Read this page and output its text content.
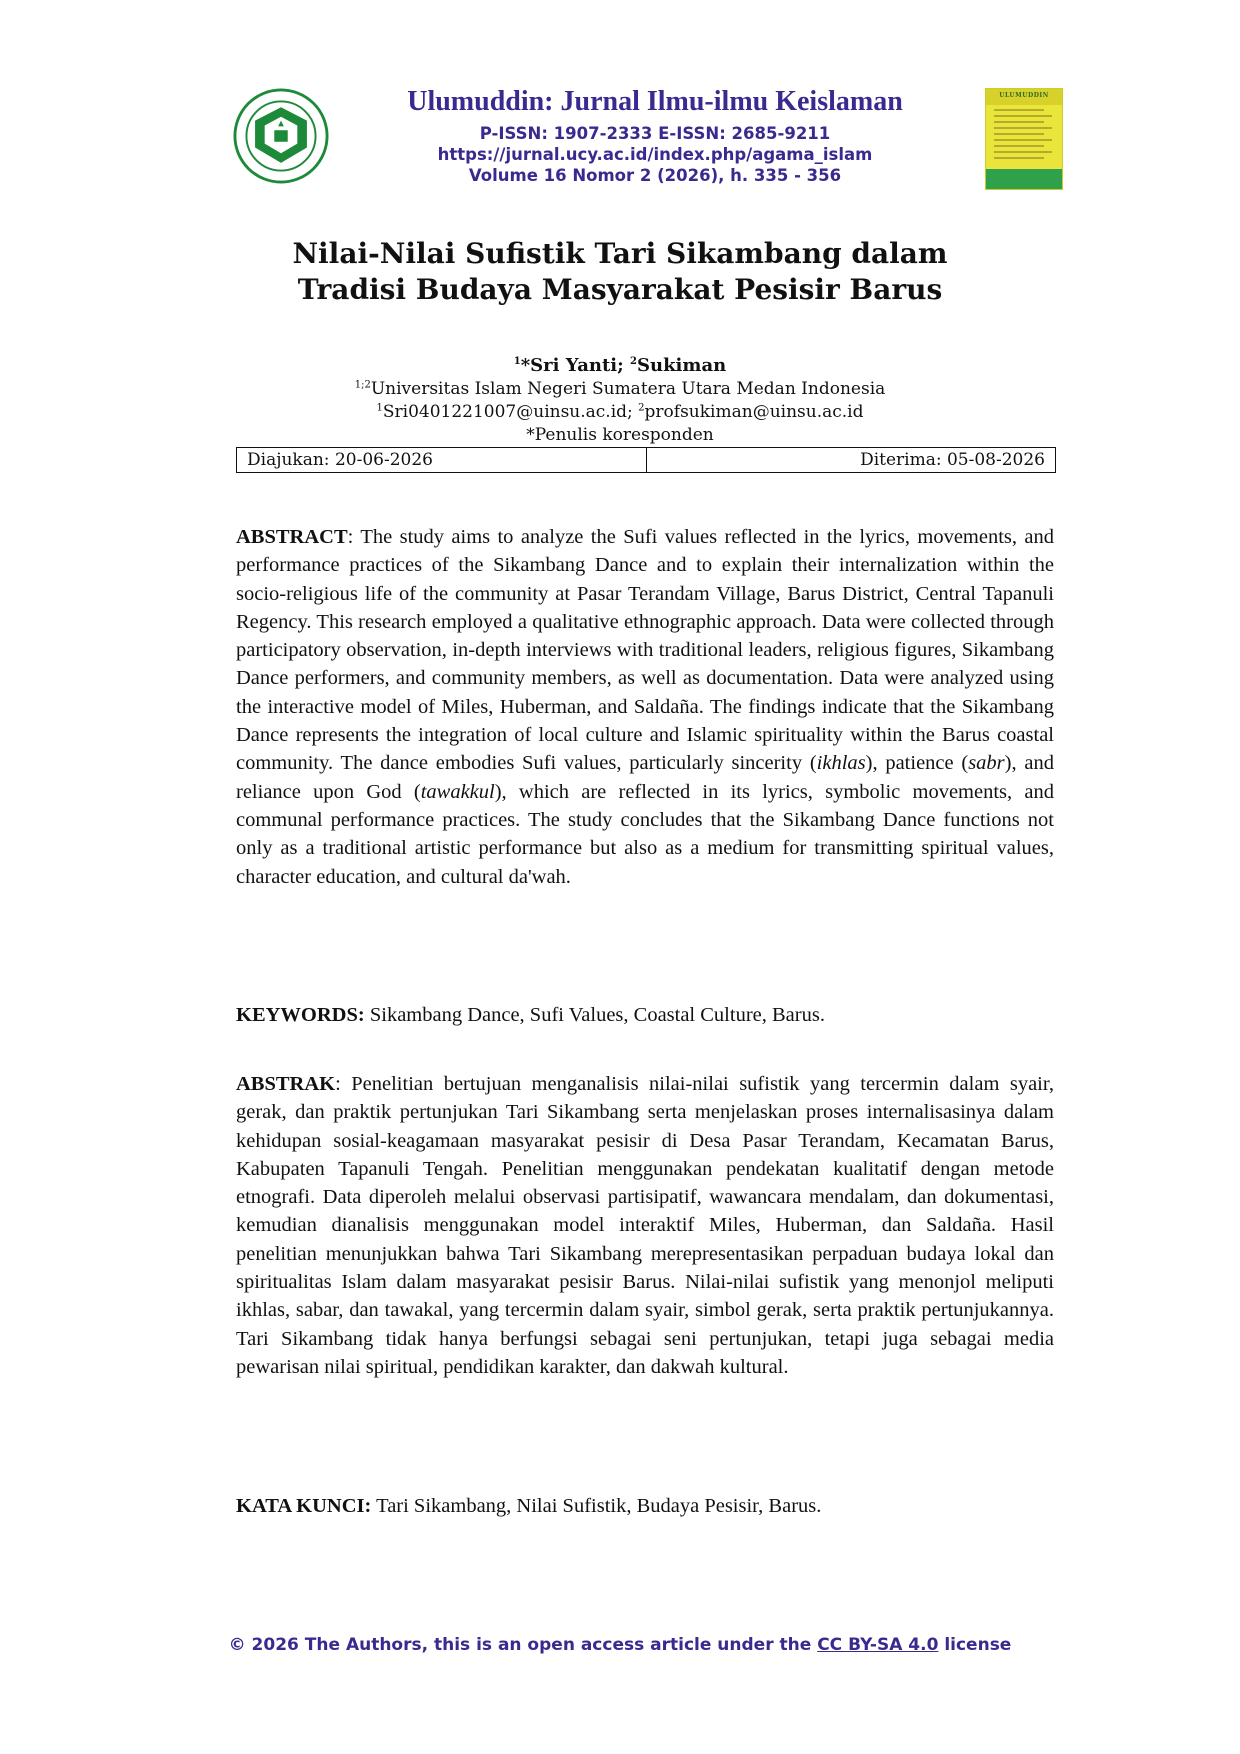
Ulumuddin: Jurnal Ilmu-ilmu Keislaman
P-ISSN: 1907-2333 E-ISSN: 2685-9211
https://jurnal.ucy.ac.id/index.php/agama_islam
Volume 16 Nomor 2 (2026), h. 335 - 356
ULUMUDDIN
Nilai-Nilai Sufistik Tari Sikambang dalam
Tradisi Budaya Masyarakat Pesisir Barus
$^1$*Sri Yanti; $^2$Sukiman
$^{1;2}$Universitas Islam Negeri Sumatera Utara Medan Indonesia
$^1$Sri0401221007@uinsu.ac.id; $^2$profsukiman@uinsu.ac.id
*Penulis koresponden
Diajukan: 20-06-2026	Diterima: 05-08-2026
ABSTRACT: The study aims to analyze the Sufi values reflected in the lyrics, movements, and performance practices of the Sikambang Dance and to explain their internalization within the socio-religious life of the community at Pasar Terandam Village, Barus District, Central Tapanuli Regency. This research employed a qualitative ethnographic approach. Data were collected through participatory observation, in-depth interviews with traditional leaders, religious figures, Sikambang Dance performers, and community members, as well as documentation. Data were analyzed using the interactive model of Miles, Huberman, and Saldaña. The findings indicate that the Sikambang Dance represents the integration of local culture and Islamic spirituality within the Barus coastal community. The dance embodies Sufi values, particularly sincerity (ikhlas), patience (sabr), and reliance upon God (tawakkul), which are reflected in its lyrics, symbolic movements, and communal performance practices. The study concludes that the Sikambang Dance functions not only as a traditional artistic performance but also as a medium for transmitting spiritual values, character education, and cultural da'wah.
KEYWORDS: Sikambang Dance, Sufi Values, Coastal Culture, Barus.
ABSTRAK: Penelitian bertujuan menganalisis nilai-nilai sufistik yang tercermin dalam syair, gerak, dan praktik pertunjukan Tari Sikambang serta menjelaskan proses internalisasinya dalam kehidupan sosial-keagamaan masyarakat pesisir di Desa Pasar Terandam, Kecamatan Barus, Kabupaten Tapanuli Tengah. Penelitian menggunakan pendekatan kualitatif dengan metode etnografi. Data diperoleh melalui observasi partisipatif, wawancara mendalam, dan dokumentasi, kemudian dianalisis menggunakan model interaktif Miles, Huberman, dan Saldaña. Hasil penelitian menunjukkan bahwa Tari Sikambang merepresentasikan perpaduan budaya lokal dan spiritualitas Islam dalam masyarakat pesisir Barus. Nilai-nilai sufistik yang menonjol meliputi ikhlas, sabar, dan tawakal, yang tercermin dalam syair, simbol gerak, serta praktik pertunjukannya. Tari Sikambang tidak hanya berfungsi sebagai seni pertunjukan, tetapi juga sebagai media pewarisan nilai spiritual, pendidikan karakter, dan dakwah kultural.
KATA KUNCI: Tari Sikambang, Nilai Sufistik, Budaya Pesisir, Barus.
© 2026 The Authors, this is an open access article under the CC BY-SA 4.0 license
